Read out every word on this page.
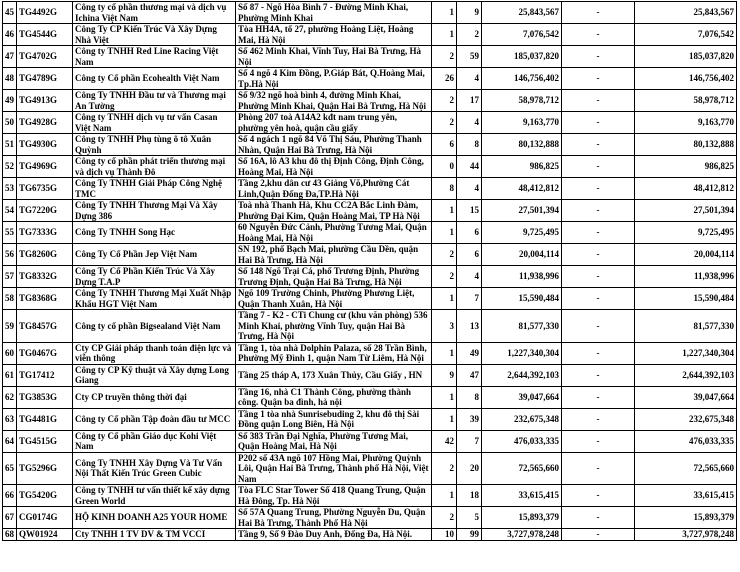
45	TG4492G	Công ty cổ phần thương mại và dịch vụ Ichina Việt Nam	Số 87 - Ngõ Hòa Bình 7 - Đường Minh Khai, Phường Minh Khai	1	9	25,843,567	-	25,843,567
46	TG4544G	Công Ty CP Kiến Trúc Và Xây Dựng Nhà Việt	Tòa HH4A, tổ 27, phường Hoàng Liệt, Hoàng Mai, Hà Nội	1	2	7,076,542	-	7,076,542
47	TG4702G	Công ty TNHH Red Line Racing Việt Nam	Số 462 Minh Khai, Vĩnh Tuy, Hai Bà Trưng, Hà Nội	2	59	185,037,820	-	185,037,820
48	TG4789G	Công ty Cổ phần Ecohealth Việt Nam	Số 4 ngõ 4 Kim Đồng, P.Giáp Bát, Q.Hoàng Mai, Tp.Hà Nội	26	4	146,756,402	-	146,756,402
49	TG4913G	Công Ty TNHH Đầu tư và Thương mại An Tường	Số 9/32 ngõ hoà bình 4, đường Minh Khai, Phường Minh Khai, Quận Hai Bà Trưng, Hà Nội	2	17	58,978,712	-	58,978,712
50	TG4928G	Công ty TNHH dịch vụ tư vấn Casan Việt Nam	Phòng 207 toà A14A2 kđt nam trung yên, phường yên hoà, quận cầu giấy	2	4	9,163,770	-	9,163,770
51	TG4930G	Công ty TNHH Phụ tùng ô tô Xuân Quỳnh	Số 4 ngách 1 ngõ 84 Võ Thị Sáu, Phường Thanh Nhàn, Quận Hai Bà Trưng, Hà Nội	6	8	80,132,888	-	80,132,888
52	TG4969G	Công ty cổ phần phát triển thương mại và dịch vụ Thành Đô	Số 16A, lô A3 khu đô thị Định Công, Định Công, Hoàng Mai, Hà Nội	0	44	986,825	-	986,825
53	TG6735G	Công Ty TNHH Giải Pháp Công Nghệ TMC	Tầng 2,khu dân cư 43 Giảng Võ,Phường Cát Linh,Quận Đống Đa,TP.Hà Nội	8	4	48,412,812	-	48,412,812
54	TG7220G	Công Ty TNHH Thương Mại Và Xây Dựng 386	Toà nhà Thanh Hà, Khu CC2A Bắc Linh Đàm, Phường Đại Kim, Quận Hoàng Mai, TP Hà Nội	1	15	27,501,394	-	27,501,394
55	TG7333G	Công Ty TNHH Song Hạc	60 Nguyễn Đức Cảnh, Phường Tương Mai, Quận Hoàng Mai, Hà Nội	1	6	9,725,495	-	9,725,495
56	TG8260G	Công Ty Cổ Phần Jep Việt Nam	SN 192, phố Bạch Mai, phường Cầu Dền, quận Hai Bà Trưng, Hà Nội	2	6	20,004,114	-	20,004,114
57	TG8332G	Công Ty Cổ Phần Kiến Trúc Và Xây Dựng T.A.P	Số 148 Ngõ Trại Cá, phố Trương Định, Phường Trương Định, Quận Hai Bà Trưng, Hà Nội	2	4	11,938,996	-	11,938,996
58	TG8368G	Công Ty TNHH Thương Mại Xuất Nhập Khẩu HGT Việt Nam	Ngõ 109 Trường Chinh, Phường Phương Liệt, Quận Thanh Xuân, Hà Nội	1	7	15,590,484	-	15,590,484
59	TG8457G	Công ty cổ phần Bigsealand Việt Nam	Tầng 7 - K2 - CTi Chung cư (khu văn phòng) 536 Minh Khai, phường Vĩnh Tuy, quận Hai Bà Trưng, Hà Nội	3	13	81,577,330	-	81,577,330
60	TG0467G	Cty CP Giải pháp thanh toán điện lực và viễn thông	Tầng 1, tòa nhà Dolphin Palaza, số 28 Trần Bình, Phường Mỹ Đình 1, quận Nam Từ Liêm, Hà Nội	1	49	1,227,340,304	-	1,227,340,304
61	TG17412	Công ty CP Kỹ thuật và Xây dựng Long Giang	Tầng 25 tháp A, 173 Xuân Thủy, Cầu Giấy , HN	9	47	2,644,392,103	-	2,644,392,103
62	TG3853G	Cty CP truyền thông thời đại	Tầng 16, nhà C1 Thành Công, phường thành công. Quận ba đình, hà nội	1	8	39,047,664	-	39,047,664
63	TG4481G	Công ty Cổ phần Tập đoàn đầu tư MCC	Tầng 1 tòa nhà Sunrisebuding 2, khu đô thị Sài Đồng quận Long Biên, Hà Nội	1	39	232,675,348	-	232,675,348
64	TG4515G	Công ty Cổ phần Giáo dục Kohi Việt Nam	Số 383 Trần Đại Nghĩa, Phường Tương Mai, Quận Hoàng Mai, Hà Nội	42	7	476,033,335	-	476,033,335
65	TG5296G	Công Ty TNHH Xây Dựng Và Tư Vấn Nội Thất Kiến Trúc Green Cubic	P202 số 43A ngõ 107 Hồng Mai, Phường Quỳnh Lôi, Quận Hai Bà Trưng, Thành phố Hà Nội, Việt Nam	2	20	72,565,660	-	72,565,660
66	TG5420G	Công ty TNHH tư vấn thiết kế xây dựng Green World	Tòa FLC Star Tower Số 418 Quang Trung, Quận Hà Đông, Tp. Hà Nội	1	18	33,615,415	-	33,615,415
67	CG0174G	HỘ KINH DOANH A25 YOUR HOME	Số 57A Quang Trung, Phường Nguyễn Du, Quận Hai Bà Trưng, Thành Phố Hà Nội	2	5	15,893,379	-	15,893,379
68	QW01924	Cty TNHH 1 TV DV & TM VCCI	Tầng 9, Số 9 Đào Duy Anh, Đống Đa, Hà Nội.	10	99	3,727,978,248	-	3,727,978,248
